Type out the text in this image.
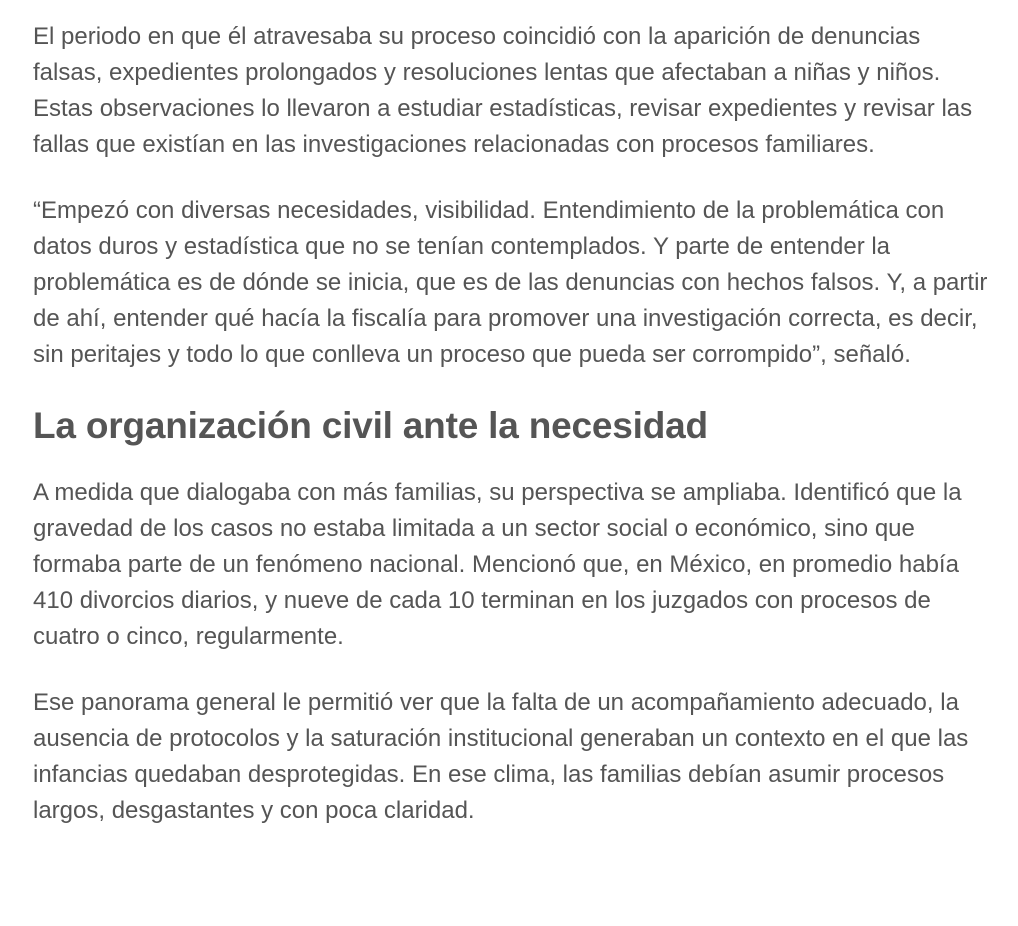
El periodo en que él atravesaba su proceso coincidió con la aparición de denuncias falsas, expedientes prolongados y resoluciones lentas que afectaban a niñas y niños. Estas observaciones lo llevaron a estudiar estadísticas, revisar expedientes y revisar las fallas que existían en las investigaciones relacionadas con procesos familiares.

“Empezó con diversas necesidades, visibilidad. Entendimiento de la problemática con datos duros y estadística que no se tenían contemplados. Y parte de entender la problemática es de dónde se inicia, que es de las denuncias con hechos falsos. Y, a partir de ahí, entender qué hacía la fiscalía para promover una investigación correcta, es decir, sin peritajes y todo lo que conlleva un proceso que pueda ser corrompido”, señaló.

La organización civil ante la necesidad

A medida que dialogaba con más familias, su perspectiva se ampliaba. Identificó que la gravedad de los casos no estaba limitada a un sector social o económico, sino que formaba parte de un fenómeno nacional. Mencionó que, en México, en promedio había 410 divorcios diarios, y nueve de cada 10 terminan en los juzgados con procesos de cuatro o cinco, regularmente.

Ese panorama general le permitió ver que la falta de un acompañamiento adecuado, la ausencia de protocolos y la saturación institucional generaban un contexto en el que las infancias quedaban desprotegidas. En ese clima, las familias debían asumir procesos largos, desgastantes y con poca claridad.
